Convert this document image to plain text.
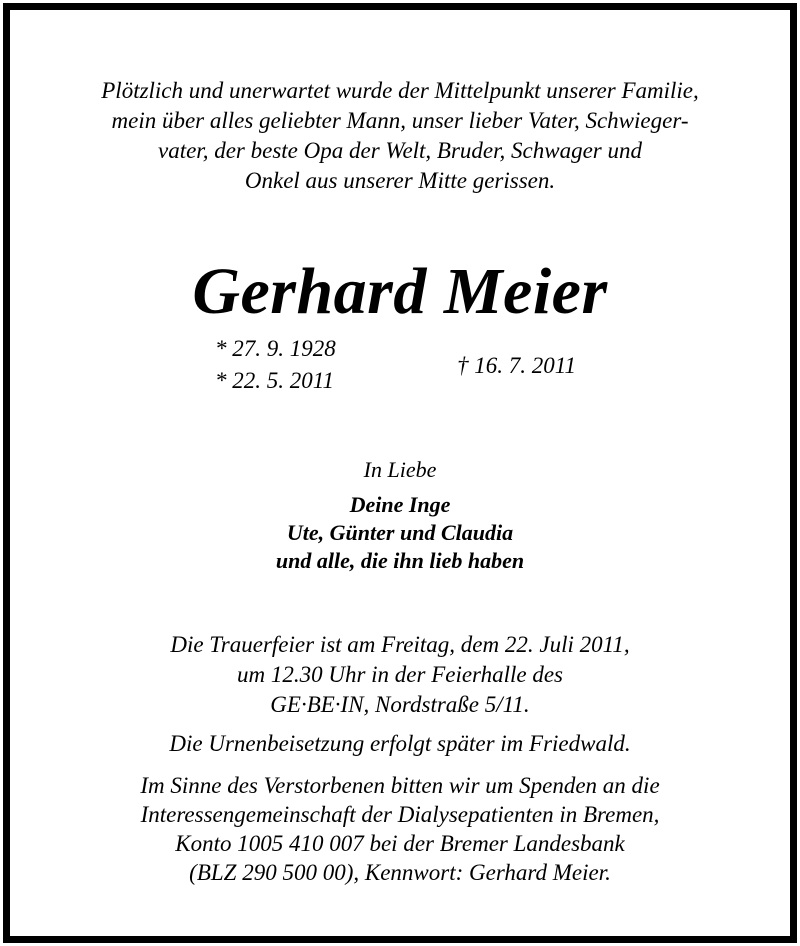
Plötzlich und unerwartet wurde der Mittelpunkt unserer Familie,
mein über alles geliebter Mann, unser lieber Vater, Schwieger-
vater, der beste Opa der Welt, Bruder, Schwager und
Onkel aus unserer Mitte gerissen.
Gerhard Meier
* 27. 9. 1928
* 22. 5. 2011
† 16. 7. 2011
In Liebe
Deine Inge
Ute, Günter und Claudia
und alle, die ihn lieb haben
Die Trauerfeier ist am Freitag, dem 22. Juli 2011,
um 12.30 Uhr in der Feierhalle des
GE·BE·IN, Nordstraße 5/11.
Die Urnenbeisetzung erfolgt später im Friedwald.
Im Sinne des Verstorbenen bitten wir um Spenden an die
Interessengemeinschaft der Dialysepatienten in Bremen,
Konto 1005 410 007 bei der Bremer Landesbank
(BLZ 290 500 00), Kennwort: Gerhard Meier.
